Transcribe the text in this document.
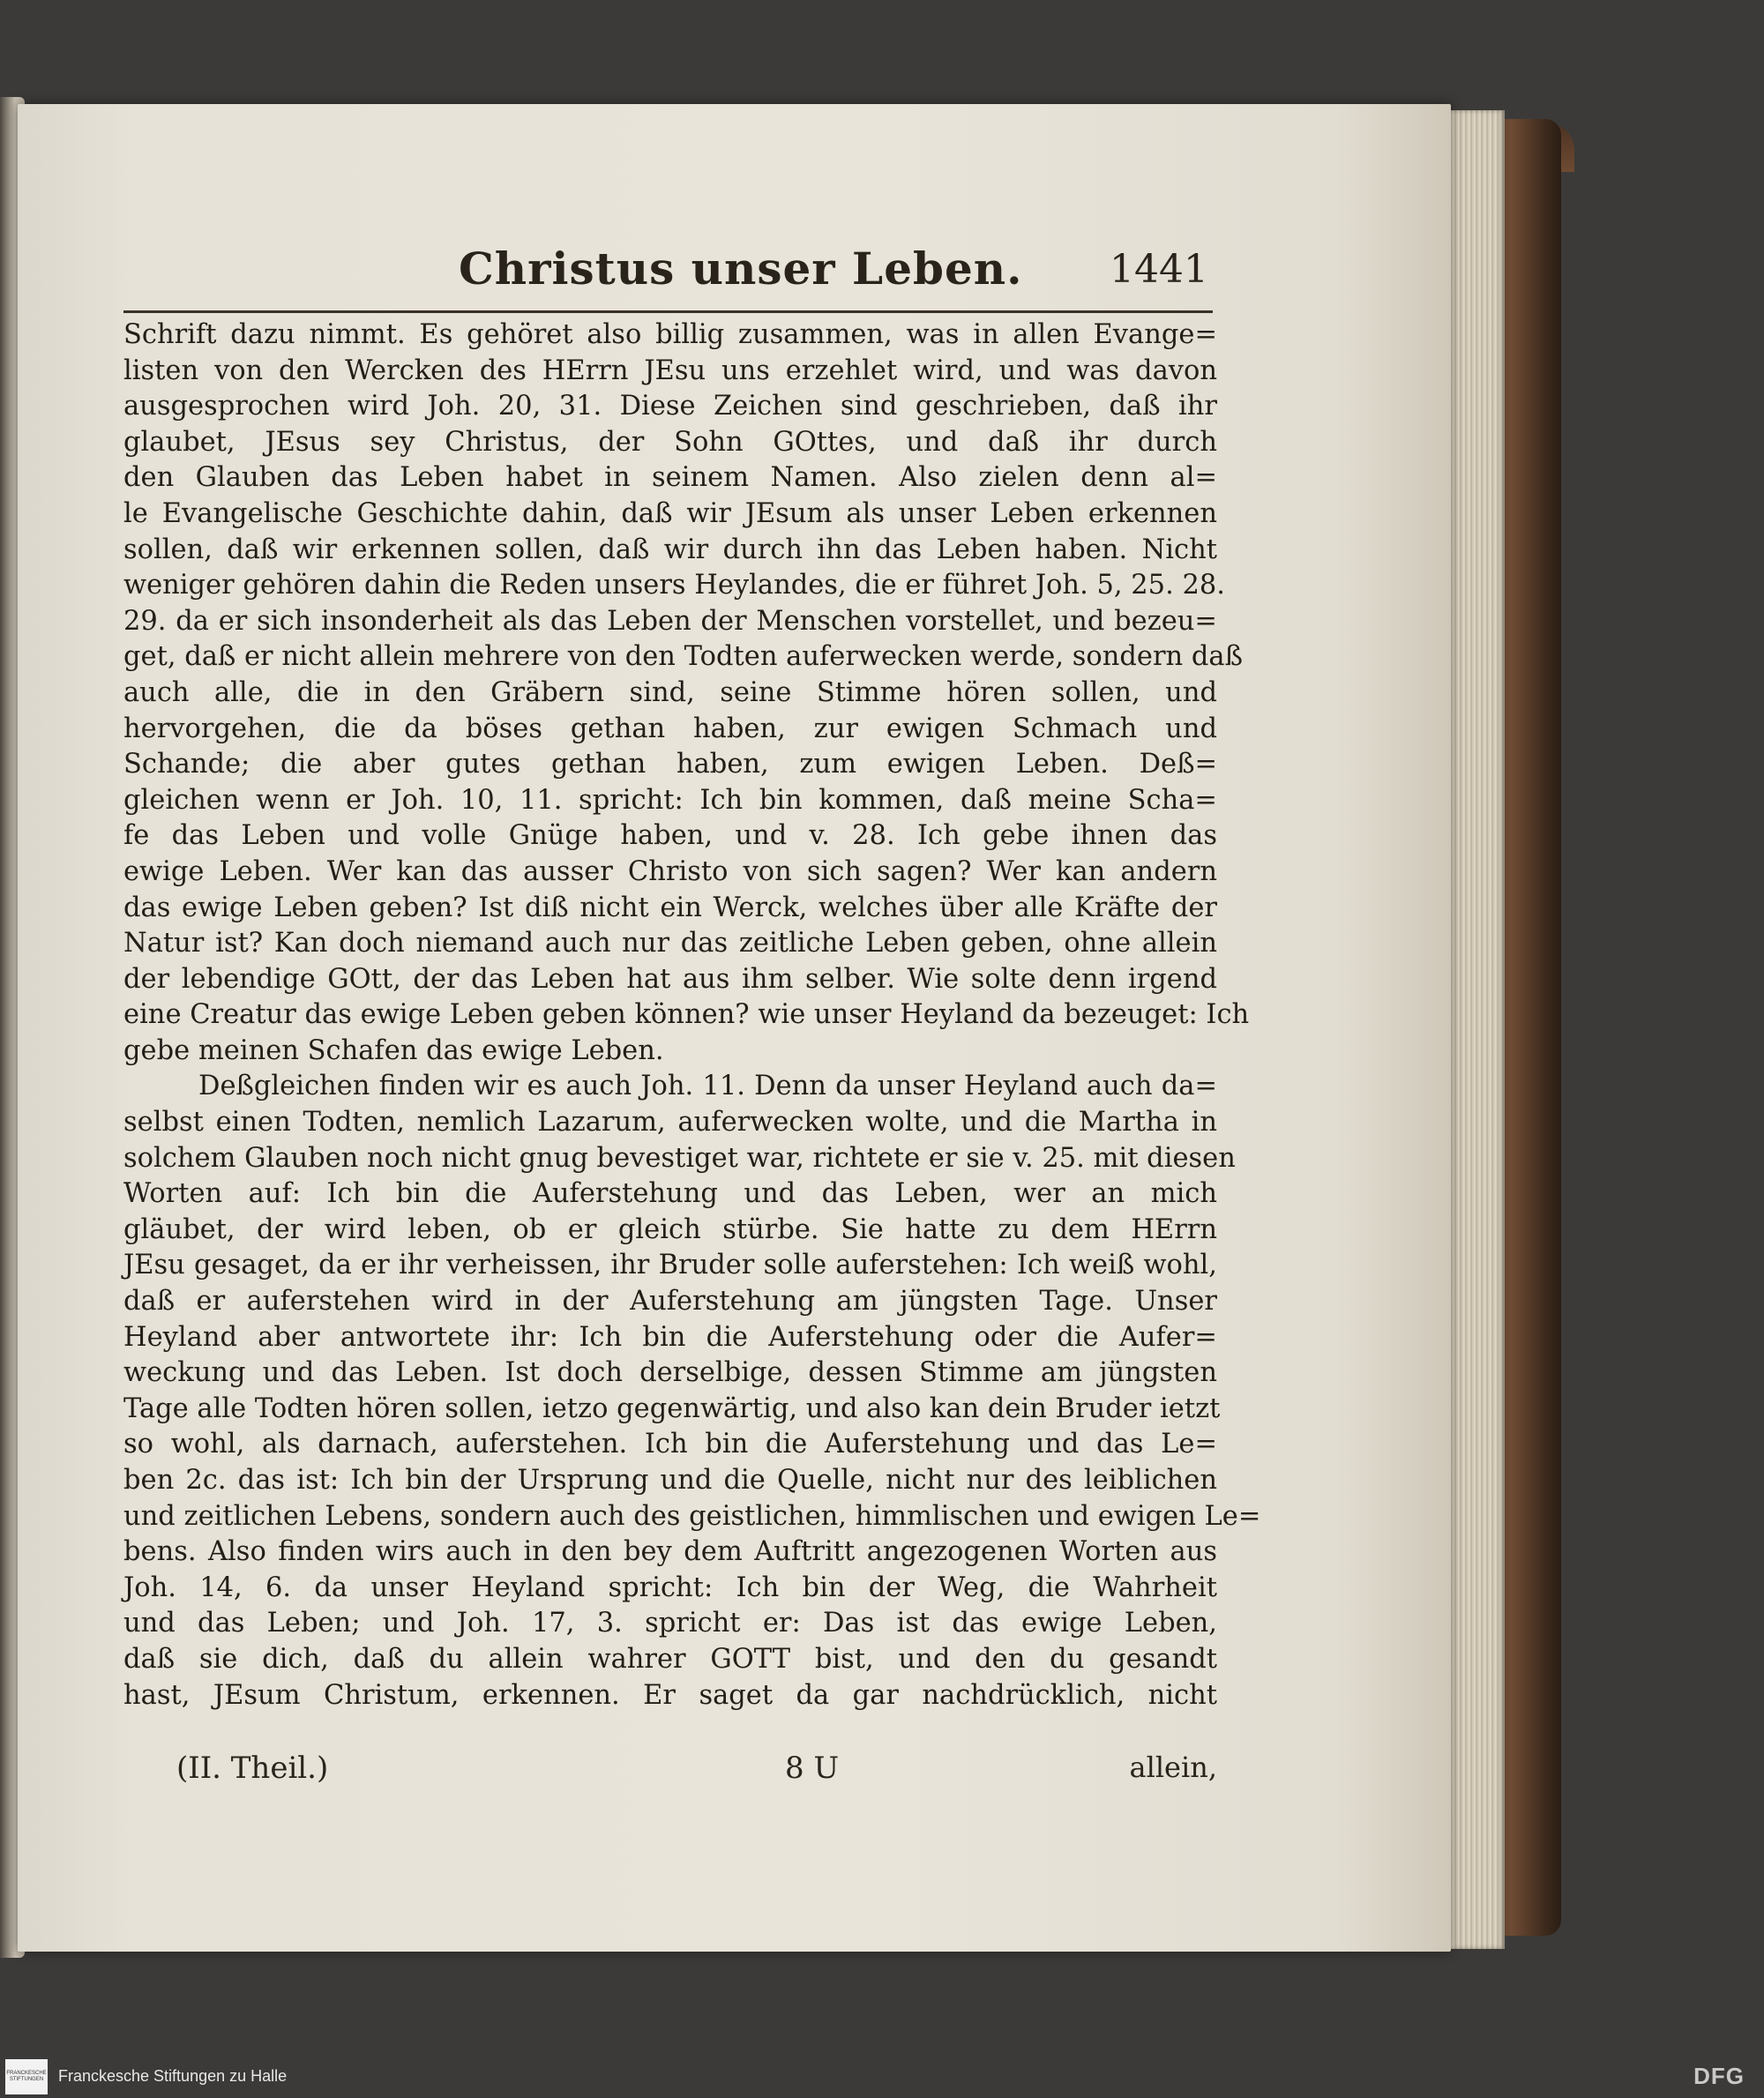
Christus unser Leben. 1441
Schrift dazu nimmt. Es gehöret also billig zusammen, was in allen Evange=
listen von den Wercken des HErrn JEsu uns erzehlet wird, und was davon
ausgesprochen wird Joh. 20, 31. Diese Zeichen sind geschrieben, daß ihr
glaubet, JEsus sey Christus, der Sohn GOttes, und daß ihr durch
den Glauben das Leben habet in seinem Namen. Also zielen denn al=
le Evangelische Geschichte dahin, daß wir JEsum als unser Leben erkennen
sollen, daß wir erkennen sollen, daß wir durch ihn das Leben haben. Nicht
weniger gehören dahin die Reden unsers Heylandes, die er führet Joh. 5, 25. 28.
29. da er sich insonderheit als das Leben der Menschen vorstellet, und bezeu=
get, daß er nicht allein mehrere von den Todten auferwecken werde, sondern daß
auch alle, die in den Gräbern sind, seine Stimme hören sollen, und
hervorgehen, die da böses gethan haben, zur ewigen Schmach und
Schande; die aber gutes gethan haben, zum ewigen Leben. Deß=
gleichen wenn er Joh. 10, 11. spricht: Ich bin kommen, daß meine Scha=
fe das Leben und volle Gnüge haben, und v. 28. Ich gebe ihnen das
ewige Leben. Wer kan das ausser Christo von sich sagen? Wer kan andern
das ewige Leben geben? Ist diß nicht ein Werck, welches über alle Kräfte der
Natur ist? Kan doch niemand auch nur das zeitliche Leben geben, ohne allein
der lebendige GOtt, der das Leben hat aus ihm selber. Wie solte denn irgend
eine Creatur das ewige Leben geben können? wie unser Heyland da bezeuget: Ich
gebe meinen Schafen das ewige Leben.
Deßgleichen finden wir es auch Joh. 11. Denn da unser Heyland auch da=
selbst einen Todten, nemlich Lazarum, auferwecken wolte, und die Martha in
solchem Glauben noch nicht gnug bevestiget war, richtete er sie v. 25. mit diesen
Worten auf: Ich bin die Auferstehung und das Leben, wer an mich
gläubet, der wird leben, ob er gleich stürbe. Sie hatte zu dem HErrn
JEsu gesaget, da er ihr verheissen, ihr Bruder solle auferstehen: Ich weiß wohl,
daß er auferstehen wird in der Auferstehung am jüngsten Tage. Unser
Heyland aber antwortete ihr: Ich bin die Auferstehung oder die Aufer=
weckung und das Leben. Ist doch derselbige, dessen Stimme am jüngsten
Tage alle Todten hören sollen, ietzo gegenwärtig, und also kan dein Bruder ietzt
so wohl, als darnach, auferstehen. Ich bin die Auferstehung und das Le=
ben 2c. das ist: Ich bin der Ursprung und die Quelle, nicht nur des leiblichen
und zeitlichen Lebens, sondern auch des geistlichen, himmlischen und ewigen Le=
bens. Also finden wirs auch in den bey dem Auftritt angezogenen Worten aus
Joh. 14, 6. da unser Heyland spricht: Ich bin der Weg, die Wahrheit
und das Leben; und Joh. 17, 3. spricht er: Das ist das ewige Leben,
daß sie dich, daß du allein wahrer GOTT bist, und den du gesandt
hast, JEsum Christum, erkennen. Er saget da gar nachdrücklich, nicht
(II. Theil.)	8 U	allein,
FRANCKESCHE STIFTUNGEN Franckesche Stiftungen zu Halle	DFG
